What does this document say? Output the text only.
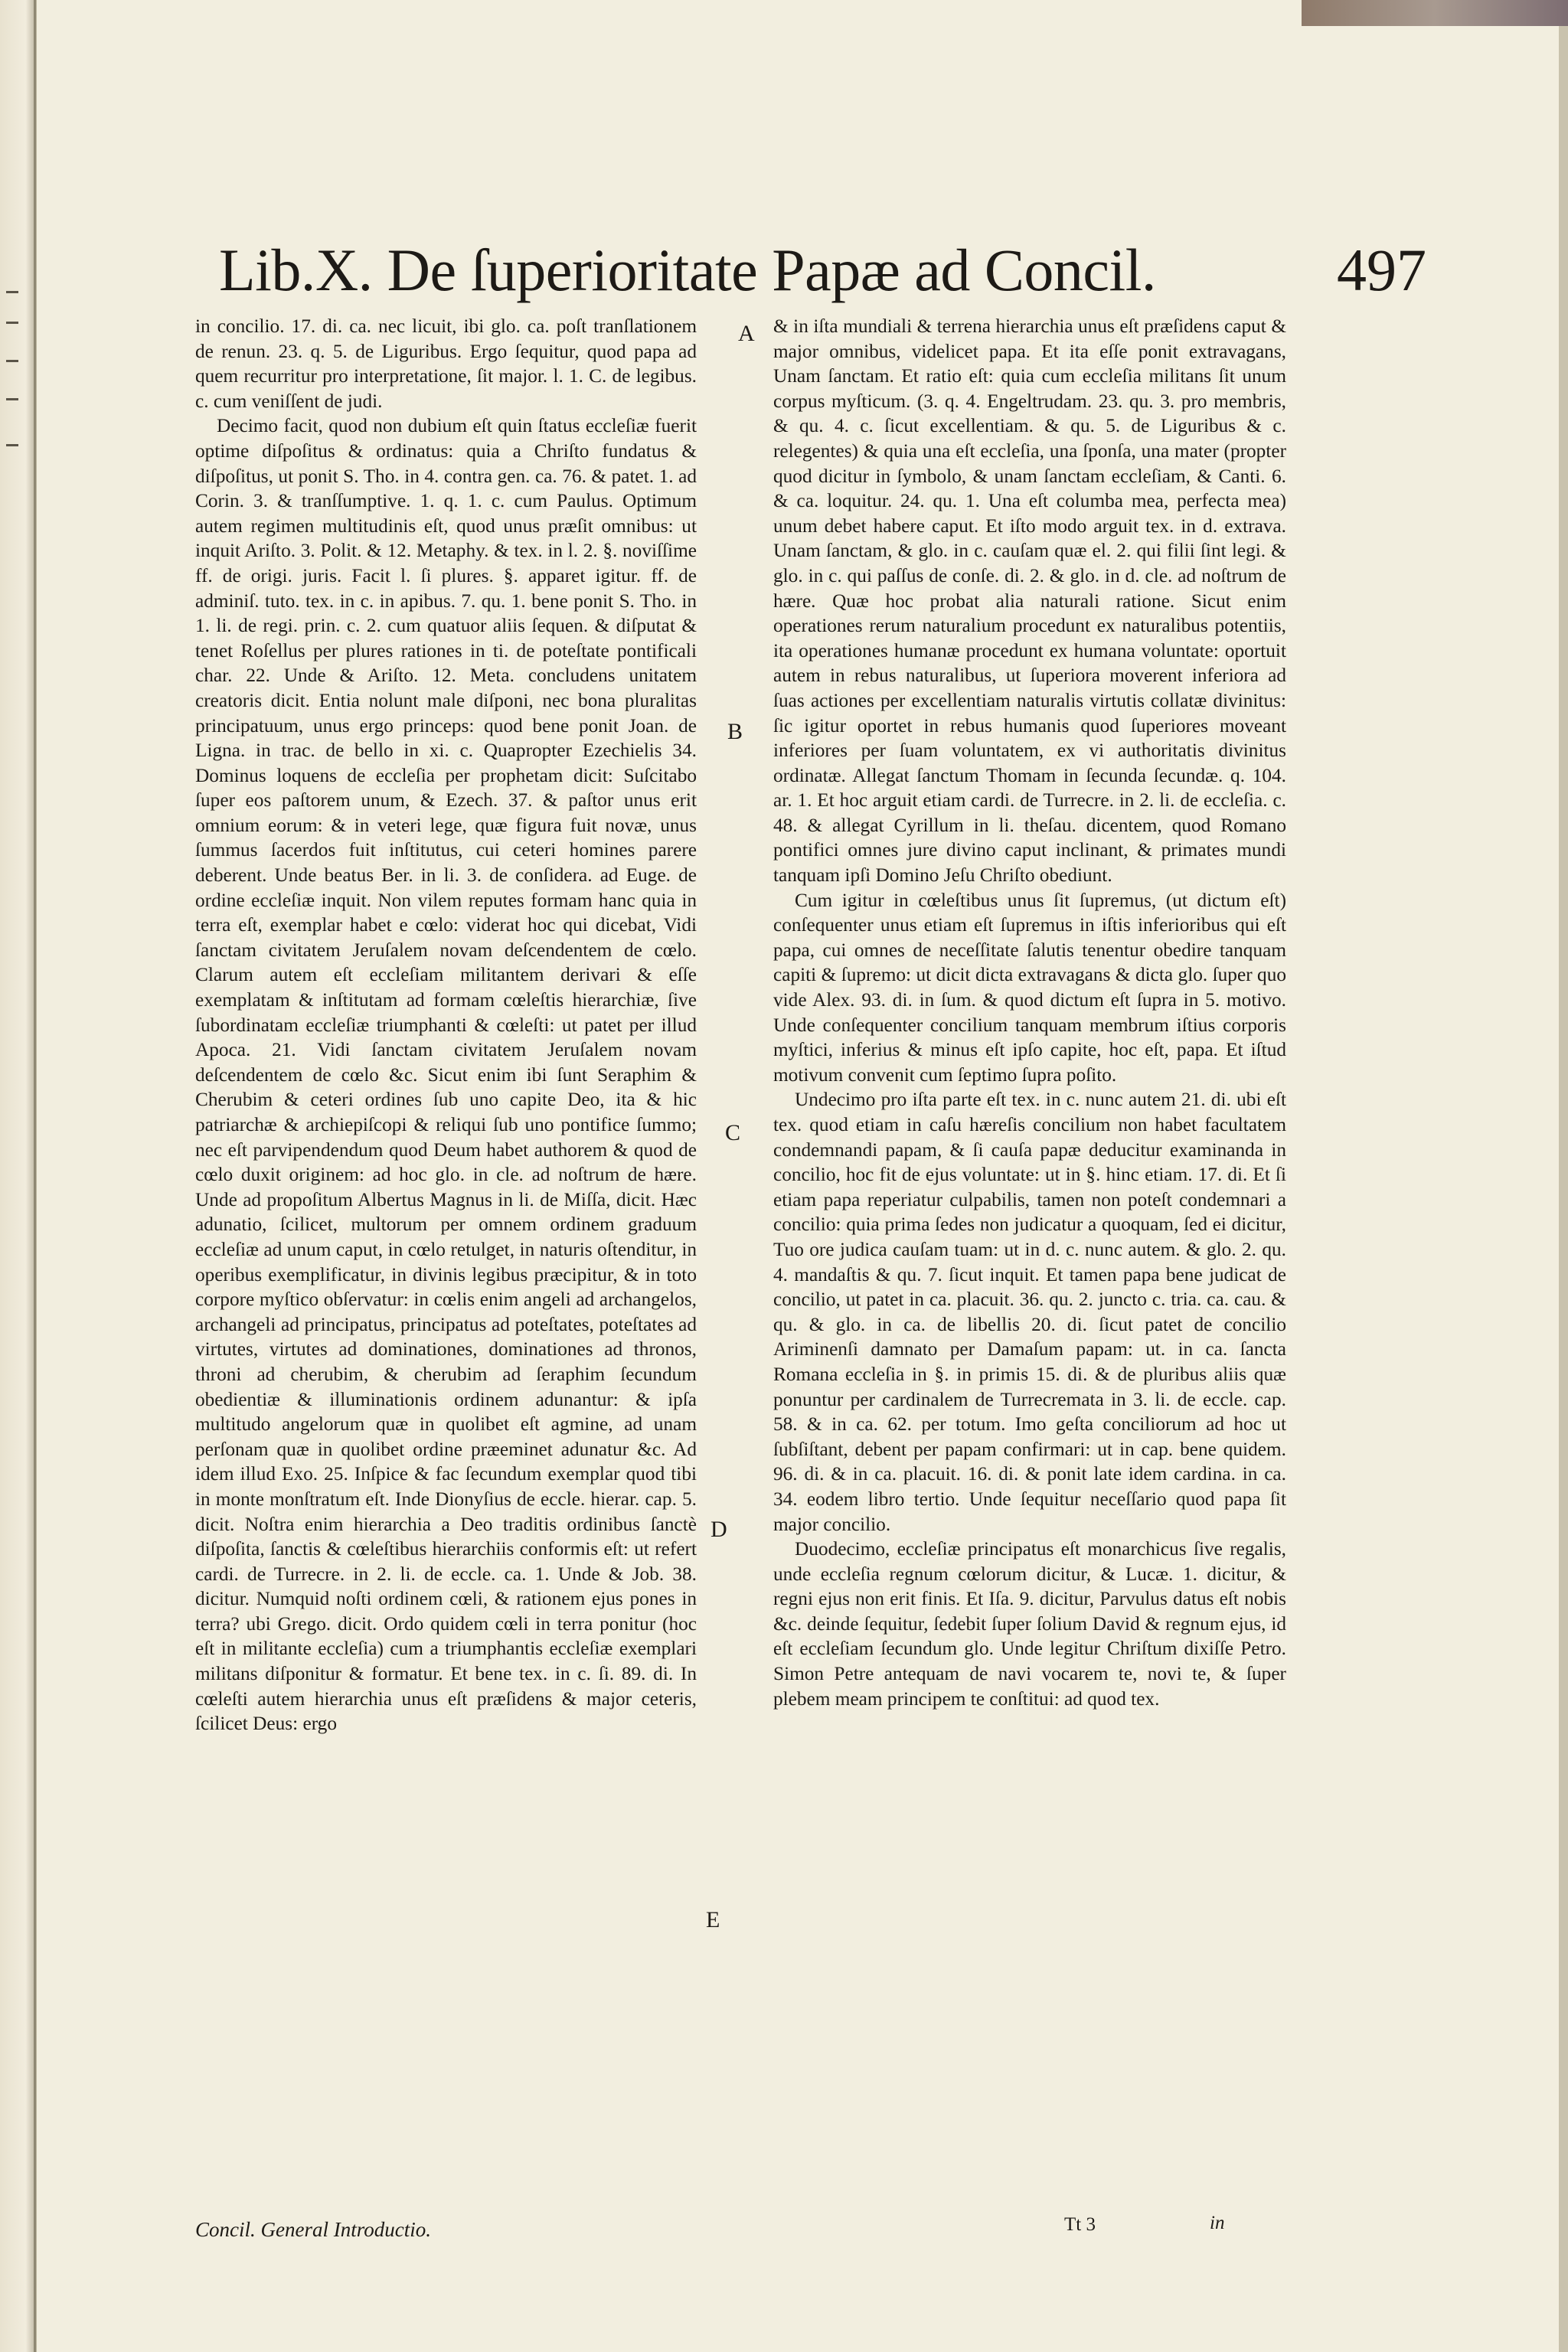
Lib.X. De ſuperioritate Papæ ad Concil.	497

in concilio. 17. di. ca. nec licuit, ibi glo. ca. poſt tranſlationem de renun. 23. q. 5. de Liguribus. Ergo ſequitur, quod papa ad quem recurritur pro interpretatione, ſit major. l. 1. C. de legibus. c. cum veniſſent de judi.

Decimo facit, quod non dubium eſt quin ſtatus eccleſiæ fuerit optime diſpoſitus & ordinatus: quia a Chriſto fundatus & diſpoſitus, ut ponit S. Tho. in 4. contra gen. ca. 76. & patet. 1. ad Corin. 3. & tranſſumptive. 1. q. 1. c. cum Paulus. Optimum autem regimen multitudinis eſt, quod unus præſit omnibus: ut inquit Ariſto. 3. Polit. & 12. Metaphy. & tex. in l. 2. §. noviſſime ff. de origi. juris. Facit l. ſi plures. §. apparet igitur. ff. de adminiſ. tuto. tex. in c. in apibus. 7. qu. 1. bene ponit S. Tho. in 1. li. de regi. prin. c. 2. cum quatuor aliis ſequen. & diſputat & tenet Roſellus per plures rationes in ti. de poteſtate pontificali char. 22. Unde & Ariſto. 12. Meta. concludens unitatem creatoris dicit. Entia nolunt male diſponi, nec bona pluralitas principatuum, unus ergo princeps: quod bene ponit Joan. de Ligna. in trac. de bello in xi. c. Quapropter Ezechielis 34. Dominus loquens de eccleſia per prophetam dicit: Suſcitabo ſuper eos paſtorem unum, & Ezech. 37. & paſtor unus erit omnium eorum: & in veteri lege, quæ figura fuit novæ, unus ſummus ſacerdos fuit inſtitutus, cui ceteri homines parere deberent. Unde beatus Ber. in li. 3. de conſidera. ad Euge. de ordine eccleſiæ inquit. Non vilem reputes formam hanc quia in terra eſt, exemplar habet e cœlo: viderat hoc qui dicebat, Vidi ſanctam civitatem Jeruſalem novam deſcendentem de cœlo. Clarum autem eſt eccleſiam militantem derivari & eſſe exemplatam & inſtitutam ad formam cœleſtis hierarchiæ, ſive ſubordinatam eccleſiæ triumphanti & cœleſti: ut patet per illud Apoca. 21. Vidi ſanctam civitatem Jeruſalem novam deſcendentem de cœlo &c. Sicut enim ibi ſunt Seraphim & Cherubim & ceteri ordines ſub uno capite Deo, ita & hic patriarchæ & archiepiſcopi & reliqui ſub uno pontifice ſummo; nec eſt parvipendendum quod Deum habet authorem & quod de cœlo duxit originem: ad hoc glo. in cle. ad noſtrum de hære. Unde ad propoſitum Albertus Magnus in li. de Miſſa, dicit. Hæc adunatio, ſcilicet, multorum per omnem ordinem graduum eccleſiæ ad unum caput, in cœlo retulget, in naturis oſtenditur, in operibus exemplificatur, in divinis legibus præcipitur, & in toto corpore myſtico obſervatur: in cœlis enim angeli ad archangelos, archangeli ad principatus, principatus ad poteſtates, poteſtates ad virtutes, virtutes ad dominationes, dominationes ad thronos, throni ad cherubim, & cherubim ad ſeraphim ſecundum obedientiæ & illuminationis ordinem adunantur: & ipſa multitudo angelorum quæ in quolibet eſt agmine, ad unam perſonam quæ in quolibet ordine præeminet adunatur &c. Ad idem illud Exo. 25. Inſpice & fac ſecundum exemplar quod tibi in monte monſtratum eſt. Inde Dionyſius de eccle. hierar. cap. 5. dicit. Noſtra enim hierarchia a Deo traditis ordinibus ſanctè diſpoſita, ſanctis & cœleſtibus hierarchiis conformis eſt: ut refert cardi. de Turrecre. in 2. li. de eccle. ca. 1. Unde & Job. 38. dicitur. Numquid noſti ordinem cœli, & rationem ejus pones in terra? ubi Grego. dicit. Ordo quidem cœli in terra ponitur (hoc eſt in militante eccleſia) cum a triumphantis eccleſiæ exemplari militans diſponitur & formatur. Et bene tex. in c. ſi. 89. di. In cœleſti autem hierarchia unus eſt præſidens & major ceteris, ſcilicet Deus: ergo

& in iſta mundiali & terrena hierarchia unus eſt præſidens caput & major omnibus, videlicet papa. Et ita eſſe ponit extravagans, Unam ſanctam. Et ratio eſt: quia cum eccleſia militans ſit unum corpus myſticum. (3. q. 4. Engeltrudam. 23. qu. 3. pro membris, & qu. 4. c. ſicut excellentiam. & qu. 5. de Liguribus & c. relegentes) & quia una eſt eccleſia, una ſponſa, una mater (propter quod dicitur in ſymbolo, & unam ſanctam eccleſiam, & Canti. 6. & ca. loquitur. 24. qu. 1. Una eſt columba mea, perfecta mea) unum debet habere caput. Et iſto modo arguit tex. in d. extrava. Unam ſanctam, & glo. in c. cauſam quæ el. 2. qui filii ſint legi. & glo. in c. qui paſſus de conſe. di. 2. & glo. in d. cle. ad noſtrum de hære. Quæ hoc probat alia naturali ratione. Sicut enim operationes rerum naturalium procedunt ex naturalibus potentiis, ita operationes humanæ procedunt ex humana voluntate: oportuit autem in rebus naturalibus, ut ſuperiora moverent inferiora ad ſuas actiones per excellentiam naturalis virtutis collatæ divinitus: ſic igitur oportet in rebus humanis quod ſuperiores moveant inferiores per ſuam voluntatem, ex vi authoritatis divinitus ordinatæ. Allegat ſanctum Thomam in ſecunda ſecundæ. q. 104. ar. 1. Et hoc arguit etiam cardi. de Turrecre. in 2. li. de eccleſia. c. 48. & allegat Cyrillum in li. theſau. dicentem, quod Romano pontifici omnes jure divino caput inclinant, & primates mundi tanquam ipſi Domino Jeſu Chriſto obediunt.

Cum igitur in cœleſtibus unus ſit ſupremus, (ut dictum eſt) conſequenter unus etiam eſt ſupremus in iſtis inferioribus qui eſt papa, cui omnes de neceſſitate ſalutis tenentur obedire tanquam capiti & ſupremo: ut dicit dicta extravagans & dicta glo. ſuper quo vide Alex. 93. di. in ſum. & quod dictum eſt ſupra in 5. motivo. Unde conſequenter concilium tanquam membrum iſtius corporis myſtici, inferius & minus eſt ipſo capite, hoc eſt, papa. Et iſtud motivum convenit cum ſeptimo ſupra poſito.

Undecimo pro iſta parte eſt tex. in c. nunc autem 21. di. ubi eſt tex. quod etiam in caſu hæreſis concilium non habet facultatem condemnandi papam, & ſi cauſa papæ deducitur examinanda in concilio, hoc fit de ejus voluntate: ut in §. hinc etiam. 17. di. Et ſi etiam papa reperiatur culpabilis, tamen non poteſt condemnari a concilio: quia prima ſedes non judicatur a quoquam, ſed ei dicitur, Tuo ore judica cauſam tuam: ut in d. c. nunc autem. & glo. 2. qu. 4. mandaſtis & qu. 7. ſicut inquit. Et tamen papa bene judicat de concilio, ut patet in ca. placuit. 36. qu. 2. juncto c. tria. ca. cau. & qu. & glo. in ca. de libellis 20. di. ſicut patet de concilio Ariminenſi damnato per Damaſum papam: ut. in ca. ſancta Romana eccleſia in §. in primis 15. di. & de pluribus aliis quæ ponuntur per cardinalem de Turrecremata in 3. li. de eccle. cap. 58. & in ca. 62. per totum. Imo geſta conciliorum ad hoc ut ſubſiſtant, debent per papam confirmari: ut in cap. bene quidem. 96. di. & in ca. placuit. 16. di. & ponit late idem cardina. in ca. 34. eodem libro tertio. Unde ſequitur neceſſario quod papa ſit major concilio.

Duodecimo, eccleſiæ principatus eſt monarchicus ſive regalis, unde eccleſia regnum cœlorum dicitur, & Lucæ. 1. dicitur, & regni ejus non erit finis. Et Iſa. 9. dicitur, Parvulus datus eſt nobis &c. deinde ſequitur, ſedebit ſuper ſolium David & regnum ejus, id eſt eccleſiam ſecundum glo. Unde legitur Chriſtum dixiſſe Petro. Simon Petre antequam de navi vocarem te, novi te, & ſuper plebem meam principem te conſtitui: ad quod tex.

A
B
C
D
E
Concil. General Introductio.	Tt 3	in
